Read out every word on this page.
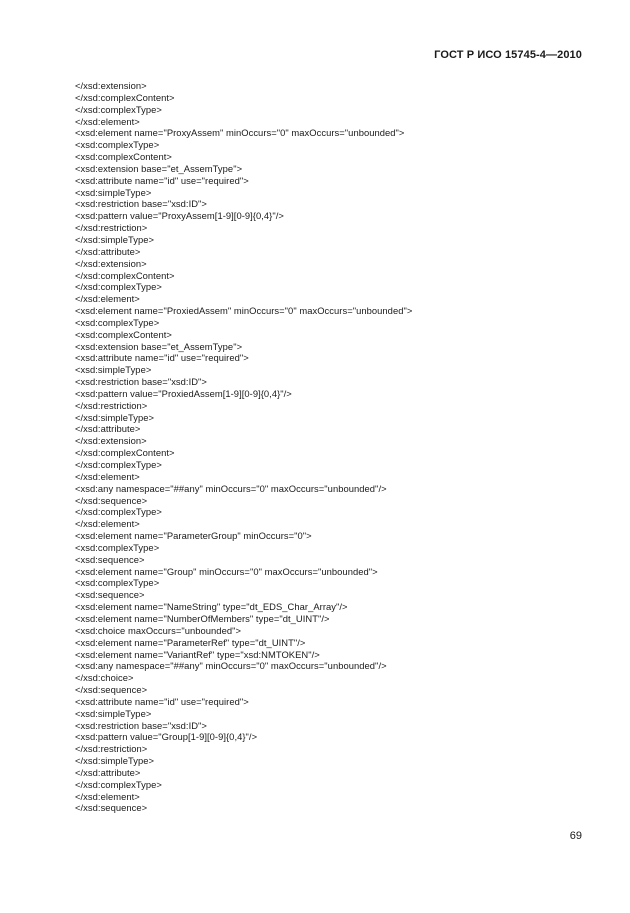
ГОСТ Р ИСО 15745-4—2010
</xsd:extension>
</xsd:complexContent>
</xsd:complexType>
</xsd:element>
<xsd:element name="ProxyAssem" minOccurs="0" maxOccurs="unbounded">
<xsd:complexType>
<xsd:complexContent>
<xsd:extension base="et_AssemType">
<xsd:attribute name="id" use="required">
<xsd:simpleType>
<xsd:restriction base="xsd:ID">
<xsd:pattern value="ProxyAssem[1-9][0-9]{0,4}"/>
</xsd:restriction>
</xsd:simpleType>
</xsd:attribute>
</xsd:extension>
</xsd:complexContent>
</xsd:complexType>
</xsd:element>
<xsd:element name="ProxiedAssem" minOccurs="0" maxOccurs="unbounded">
<xsd:complexType>
<xsd:complexContent>
<xsd:extension base="et_AssemType">
<xsd:attribute name="id" use="required">
<xsd:simpleType>
<xsd:restriction base="xsd:ID">
<xsd:pattern value="ProxiedAssem[1-9][0-9]{0,4}"/>
</xsd:restriction>
</xsd:simpleType>
</xsd:attribute>
</xsd:extension>
</xsd:complexContent>
</xsd:complexType>
</xsd:element>
<xsd:any namespace="##any" minOccurs="0" maxOccurs="unbounded"/>
</xsd:sequence>
</xsd:complexType>
</xsd:element>
<xsd:element name="ParameterGroup" minOccurs="0">
<xsd:complexType>
<xsd:sequence>
<xsd:element name="Group" minOccurs="0" maxOccurs="unbounded">
<xsd:complexType>
<xsd:sequence>
<xsd:element name="NameString" type="dt_EDS_Char_Array"/>
<xsd:element name="NumberOfMembers" type="dt_UINT"/>
<xsd:choice maxOccurs="unbounded">
<xsd:element name="ParameterRef" type="dt_UINT"/>
<xsd:element name="VariantRef" type="xsd:NMTOKEN"/>
<xsd:any namespace="##any" minOccurs="0" maxOccurs="unbounded"/>
</xsd:choice>
</xsd:sequence>
<xsd:attribute name="id" use="required">
<xsd:simpleType>
<xsd:restriction base="xsd:ID">
<xsd:pattern value="Group[1-9][0-9]{0,4}"/>
</xsd:restriction>
</xsd:simpleType>
</xsd:attribute>
</xsd:complexType>
</xsd:element>
</xsd:sequence>
69
